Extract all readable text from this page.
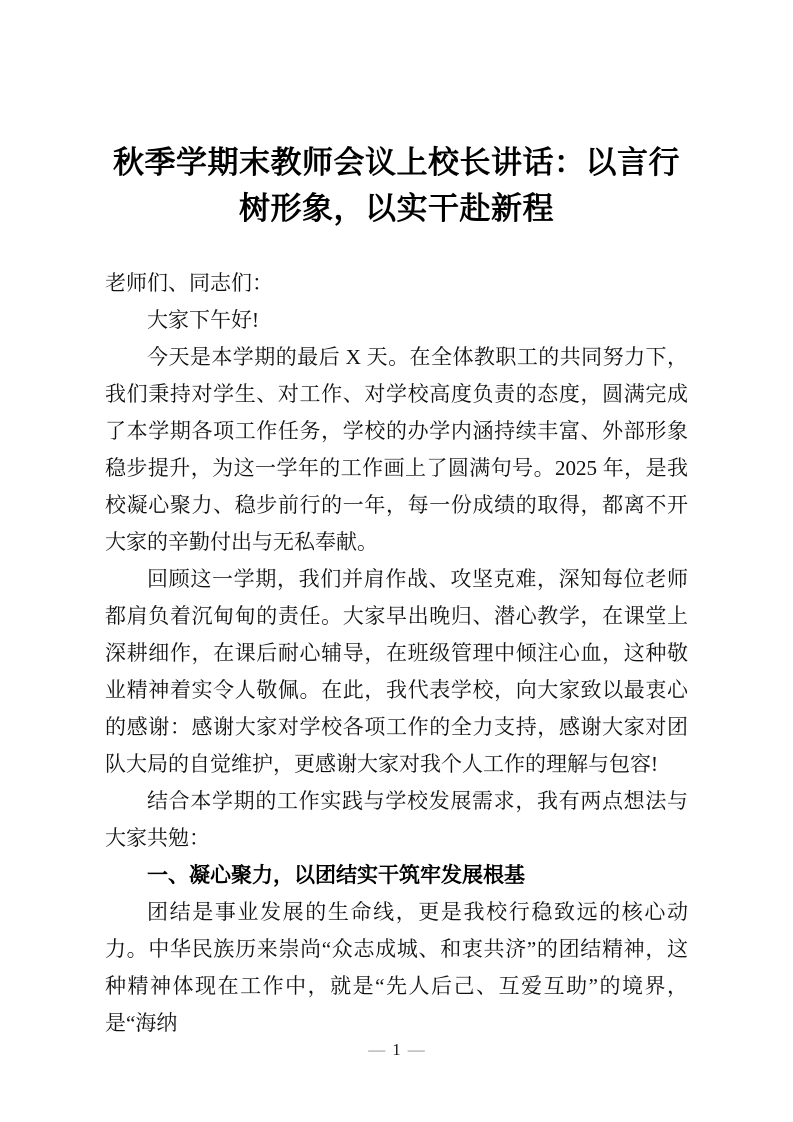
秋季学期末教师会议上校长讲话：以言行树形象，以实干赴新程

老师们、同志们：

大家下午好!

今天是本学期的最后 X 天。在全体教职工的共同努力下，我们秉持对学生、对工作、对学校高度负责的态度，圆满完成了本学期各项工作任务，学校的办学内涵持续丰富、外部形象稳步提升，为这一学年的工作画上了圆满句号。2025 年，是我校凝心聚力、稳步前行的一年，每一份成绩的取得，都离不开大家的辛勤付出与无私奉献。

回顾这一学期，我们并肩作战、攻坚克难，深知每位老师都肩负着沉甸甸的责任。大家早出晚归、潜心教学，在课堂上深耕细作，在课后耐心辅导，在班级管理中倾注心血，这种敬业精神着实令人敬佩。在此，我代表学校，向大家致以最衷心的感谢：感谢大家对学校各项工作的全力支持，感谢大家对团队大局的自觉维护，更感谢大家对我个人工作的理解与包容!

结合本学期的工作实践与学校发展需求，我有两点想法与大家共勉：

一、凝心聚力，以团结实干筑牢发展根基

团结是事业发展的生命线，更是我校行稳致远的核心动力。中华民族历来崇尚“众志成城、和衷共济”的团结精神，这种精神体现在工作中，就是“先人后己、互爱互助”的境界，是“海纳

— 1 —
